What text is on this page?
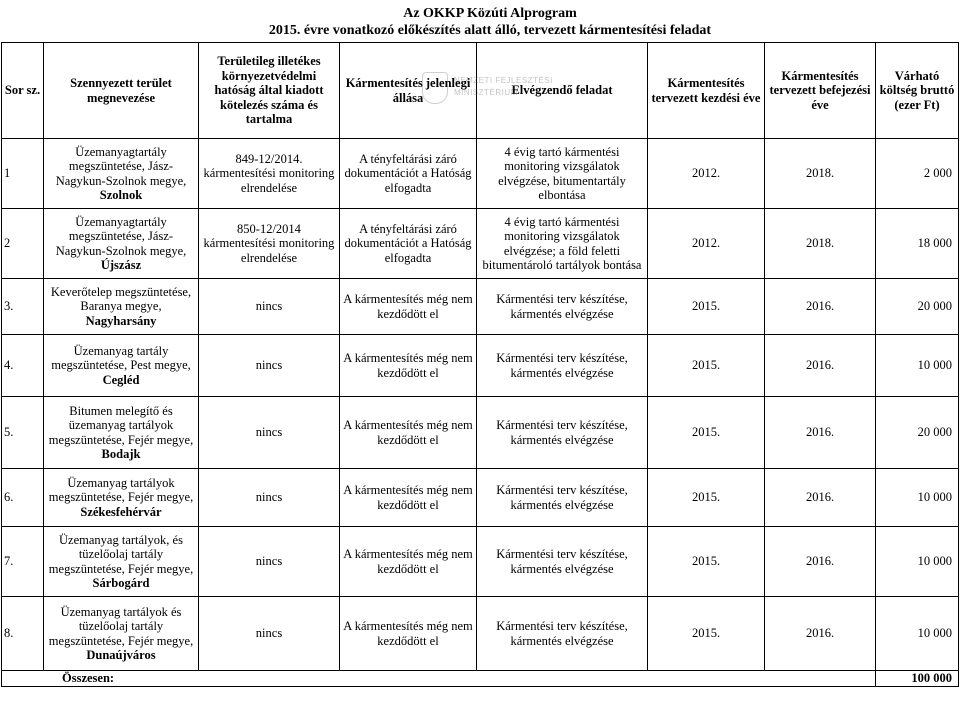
Az OKKP Közúti Alprogram
2015. évre vonatkozó előkészítés alatt álló, tervezett kármentesítési feladat
Sor sz.	Szennyezett terület megnevezése	Területileg illetékes környezetvédelmi hatóság által kiadott kötelezés száma és tartalma	Kármentesítés jelenlegi állása	Elvégzendő feladat	Kármentesítés tervezett kezdési éve	Kármentesítés tervezett befejezési éve	Várható költség bruttó (ezer Ft)
1	Üzemanyagtartály megszüntetése, Jász-Nagykun-Szolnok megye, Szolnok	849-12/2014. kármentesítési monitoring elrendelése	A tényfeltárási záró dokumentációt a Hatóság elfogadta	4 évig tartó kármentési monitoring vizsgálatok elvégzése, bitumentartály elbontása	2012.	2018.	2 000
2	Üzemanyagtartály megszüntetése, Jász-Nagykun-Szolnok megye, Újszász	850-12/2014 kármentesítési monitoring elrendelése	A tényfeltárási záró dokumentációt a Hatóság elfogadta	4 évig tartó kármentési monitoring vizsgálatok elvégzése; a föld feletti bitumentároló tartályok bontása	2012.	2018.	18 000
3.	Keverőtelep megszüntetése, Baranya megye, Nagyharsány	nincs	A kármentesítés még nem kezdődött el	Kármentési terv készítése, kármentés elvégzése	2015.	2016.	20 000
4.	Üzemanyag tartály megszüntetése, Pest megye, Cegléd	nincs	A kármentesítés még nem kezdődött el	Kármentési terv készítése, kármentés elvégzése	2015.	2016.	10 000
5.	Bitumen melegítő és üzemanyag tartályok megszüntetése, Fejér megye, Bodajk	nincs	A kármentesítés még nem kezdődött el	Kármentési terv készítése, kármentés elvégzése	2015.	2016.	20 000
6.	Üzemanyag tartályok megszüntetése, Fejér megye, Székesfehérvár	nincs	A kármentesítés még nem kezdődött el	Kármentési terv készítése, kármentés elvégzése	2015.	2016.	10 000
7.	Üzemanyag tartályok, és tüzelőolaj tartály megszüntetése, Fejér megye, Sárbogárd	nincs	A kármentesítés még nem kezdődött el	Kármentési terv készítése, kármentés elvégzése	2015.	2016.	10 000
8.	Üzemanyag tartályok és tüzelőolaj tartály megszüntetése, Fejér megye, Dunaújváros	nincs	A kármentesítés még nem kezdődött el	Kármentési terv készítése, kármentés elvégzése	2015.	2016.	10 000
Összesen:							100 000
NEMZETI FEJLESZTÉSI
MINISZTÉRIUM
